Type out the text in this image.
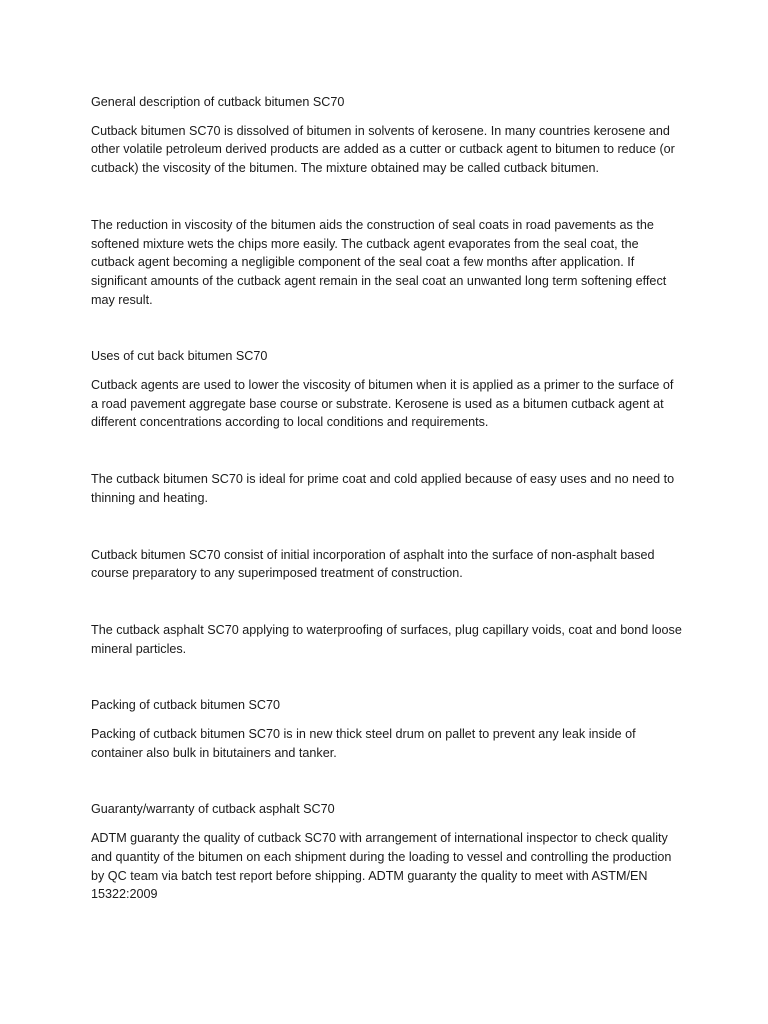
General description of cutback bitumen SC70

Cutback bitumen SC70 is dissolved of bitumen in solvents of kerosene. In many countries kerosene and other volatile petroleum derived products are added as a cutter or cutback agent to bitumen to reduce (or cutback) the viscosity of the bitumen. The mixture obtained may be called cutback bitumen.

The reduction in viscosity of the bitumen aids the construction of seal coats in road pavements as the softened mixture wets the chips more easily. The cutback agent evaporates from the seal coat, the cutback agent becoming a negligible component of the seal coat a few months after application. If significant amounts of the cutback agent remain in the seal coat an unwanted long term softening effect may result.

Uses of cut back bitumen SC70

Cutback agents are used to lower the viscosity of bitumen when it is applied as a primer to the surface of a road pavement aggregate base course or substrate. Kerosene is used as a bitumen cutback agent at different concentrations according to local conditions and requirements.

The cutback bitumen SC70 is ideal for prime coat and cold applied because of easy uses and no need to thinning and heating.

Cutback bitumen SC70 consist of initial incorporation of asphalt into the surface of non-asphalt based course preparatory to any superimposed treatment of construction.

The cutback asphalt SC70 applying to waterproofing of surfaces, plug capillary voids, coat and bond loose mineral particles.

Packing of cutback bitumen SC70

Packing of cutback bitumen SC70 is in new thick steel drum on pallet to prevent any leak inside of container also bulk in bitutainers and tanker.

Guaranty/warranty of cutback asphalt SC70

ADTM guaranty the quality of cutback SC70 with arrangement of international inspector to check quality and quantity of the bitumen on each shipment during the loading to vessel and controlling the production by QC team via batch test report before shipping. ADTM guaranty the quality to meet with ASTM/EN 15322:2009
